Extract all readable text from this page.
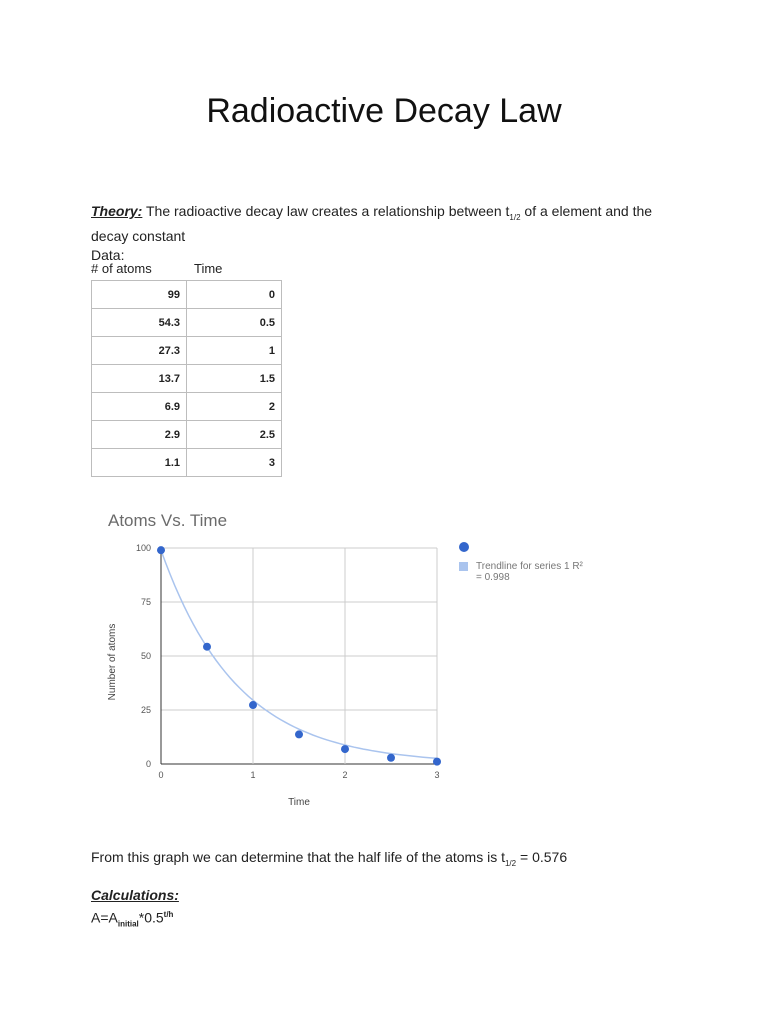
Radioactive Decay Law
Theory: The radioactive decay law creates a relationship between $t_{1/2}$ of a element and the
decay constant
Data:
# of atoms	Time
99	0
54.3	0.5
27.3	1
13.7	1.5
6.9	2
2.9	2.5
1.1	3
Atoms Vs. Time
0
25
50
75
100
0	1	2	3
Time
Number of atoms
Trendline for series 1 R²
= 0.998
From this graph we can determine that the half life of the atoms is $t_{1/2} = 0.576$
Calculations:
$A=A_{initial}*0.5^{t/h}$
